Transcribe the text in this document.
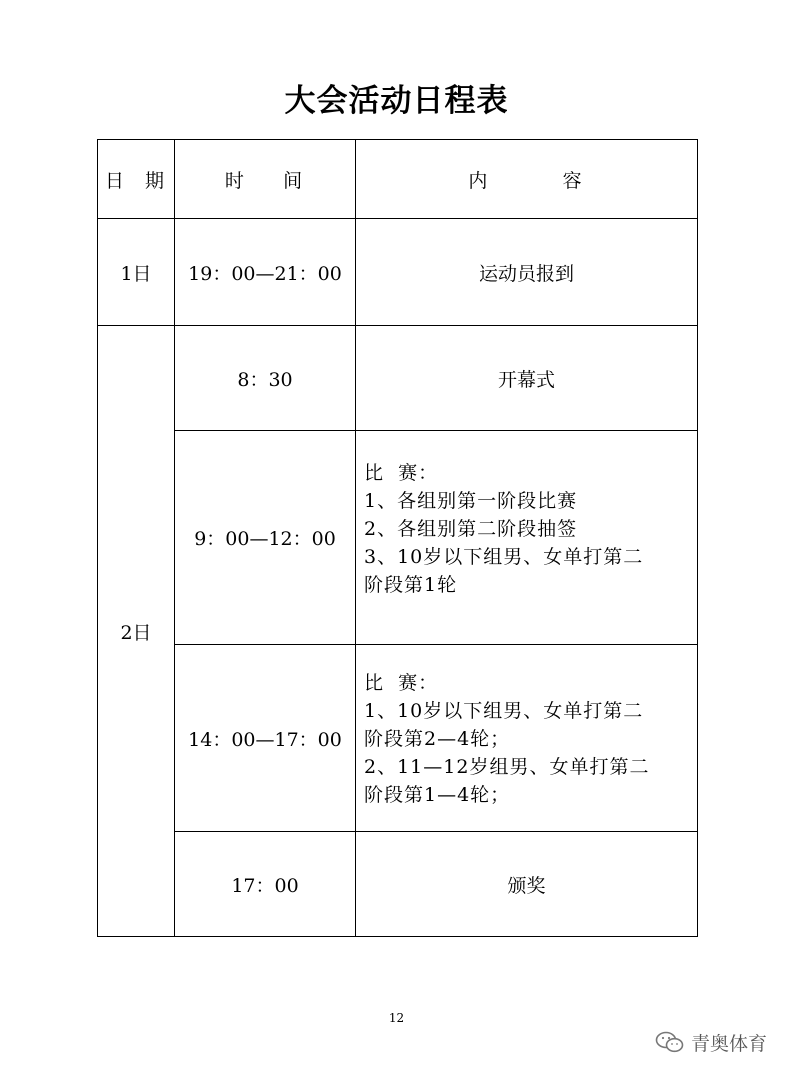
大会活动日程表
日  期	时    间	内        容
1日	19：00—21：00	运动员报到
2日	8：30	开幕式
	9：00—12：00	比  赛：
1、各组别第一阶段比赛
2、各组别第二阶段抽签
3、10岁以下组男、女单打第二
阶段第1轮

	14：00—17：00	比  赛：
1、10岁以下组男、女单打第二
阶段第2—4轮；
2、11—12岁组男、女单打第二
阶段第1—4轮；

	17：00	颁奖
12
青奥体育
